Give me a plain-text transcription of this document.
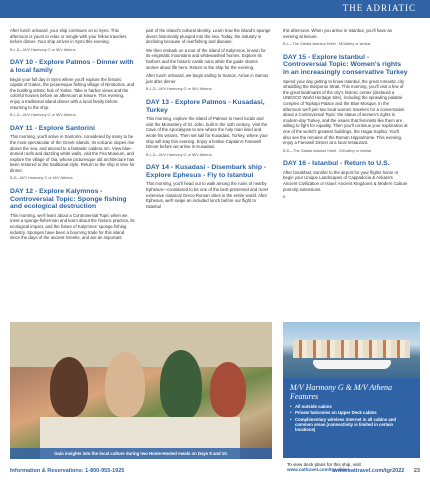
THE ADRIATIC
After lunch onboard, your ship continues on to Symi. This afternoon is yours to relax or mingle with your fellow travelers before dinner. Your ship arrives in Symi this evening.
B,L,D—M/V Harmony G or M/V Athena
DAY 10 - Explore Patmos - Dinner with a local family
Begin your full day in Symi where you'll explore the historic capital of Gialos, the picturesque fishing village of Nimborios, and the bustling artistic hub of Yialos. Take in harbor views and the colorful houses before an afternoon at leisure. This evening, enjoy a traditional island dinner with a local family before returning to the ship.
B,L,D—M/V Harmony G or M/V Athena
DAY 11 - Explore Santorini
This morning, you'll arrive in Santorini, considered by many to be the most spectacular of the Greek islands. Its volcanic slopes rise above the sea, and ascend to a fantastic caldera rim. View blue-domed roofs and dazzling white walls, visit the Fira Museum, and explore the village of Oia, whose picturesque old architecture has been restored to the traditional style. Return to the ship in time for dinner.
B,D—M/V Harmony G or M/V Athena
DAY 12 - Explore Kalymnos - Controversial Topic: Sponge fishing and ecological destruction
This morning, we'll learn about a Controversial Topic when we meet a sponge-fisherman and learn about the historic practice, its ecological impact, and the future of Kalymnos' sponge fishing industry. Sponges have been a booming trade for this island since the days of the ancient Greeks, and are an important
part of the island's cultural identity. Learn how the island's sponge divers historically plunged into the sea. Today, the industry is declining because of overfishing and disease.
We then embark on a tour of the island of Kalymnos, known for its enigmatic mountains and whitewashed homes. Explore its harbors and the historic castle ruins while the guide shares stories about life here. Return to the ship for the evening.
After lunch onboard, we begin sailing to Samos. Arrive in Samos just after dinner.
B,L,D—M/V Harmony G or M/V Athena
DAY 13 - Explore Patmos - Kusadasi, Turkey
This morning, explore the island of Patmos to meet locals and visit the Monastery of St. John, built in the 11th century. Visit the Cave of the Apocalypse to see where the holy man lived and wrote his visions. Then set sail for Kusadasi, Turkey, where your ship will stay this evening. Enjoy a festive Captain's Farewell Dinner before we arrive in Kusadasi.
B,L,D—M/V Harmony G or M/V Athena
DAY 14 - Kusadasi - Disembark ship - Explore Ephesus - Fly to Istanbul
This morning, you'll head out to walk among the ruins of nearby Ephesus—considered to be one of the best-preserved and most extensive classical Greco-Roman cities in the entire world. After Ephesus, we'll swipe an included lunch before our flight to Istanbul
this afternoon. When you arrive in Istanbul, you'll have an evening at leisure.
B,L—The Galata Istanbul Hotel - MGallery or similar
DAY 15 - Explore Istanbul - Controversial Topic: Women's rights in an increasingly conservative Turkey
Spend your day getting to know Istanbul, the great romantic city straddling the Bosporus Strait. This morning, you'll visit a few of the great landmarks of the city's historic center (declared a UNESCO World Heritage Site), including the sprawling palatial complex of Topkapi Palace and the Blue Mosque. In the afternoon we'll join two local women travelers for a conversation about a Controversial Topic: the status of women's rights in modern-day Turkey, and the issues that feminists like them are willing to fight for equality. Then you'll continue your exploration at one of the world's greatest buildings, the Hagia Sophia. You'll also see the remains of the Roman Hippodrome. This evening, enjoy a Farewell Dinner at a local restaurant.
B,D—The Galata Istanbul Hotel - MGallery or similar
DAY 16 - Istanbul - Return to U.S.
After breakfast, transfer to the airport for your flights home or begin your Unique Landscapes of Cappadocia & Ankara's Ancient Civilization or Israel: Ancient Kingdoms & Modern Culture post-trip extensions.
B
Gain insights into the local culture during two Home-Hosted meals on Days 8 and 10.
M/V Harmony G & M/V Athena Features
• All outside cabins
• Private balconies on Upper Deck cabins
• Complimentary wireless internet in all cabins and common areas (connectivity is limited in certain locations)
To view deck plans for this ship, visit
www.oattravel.com/tgr-ships
Information & Reservations: 1-800-955-1925	www.oattravel.com/tgr2022 23
